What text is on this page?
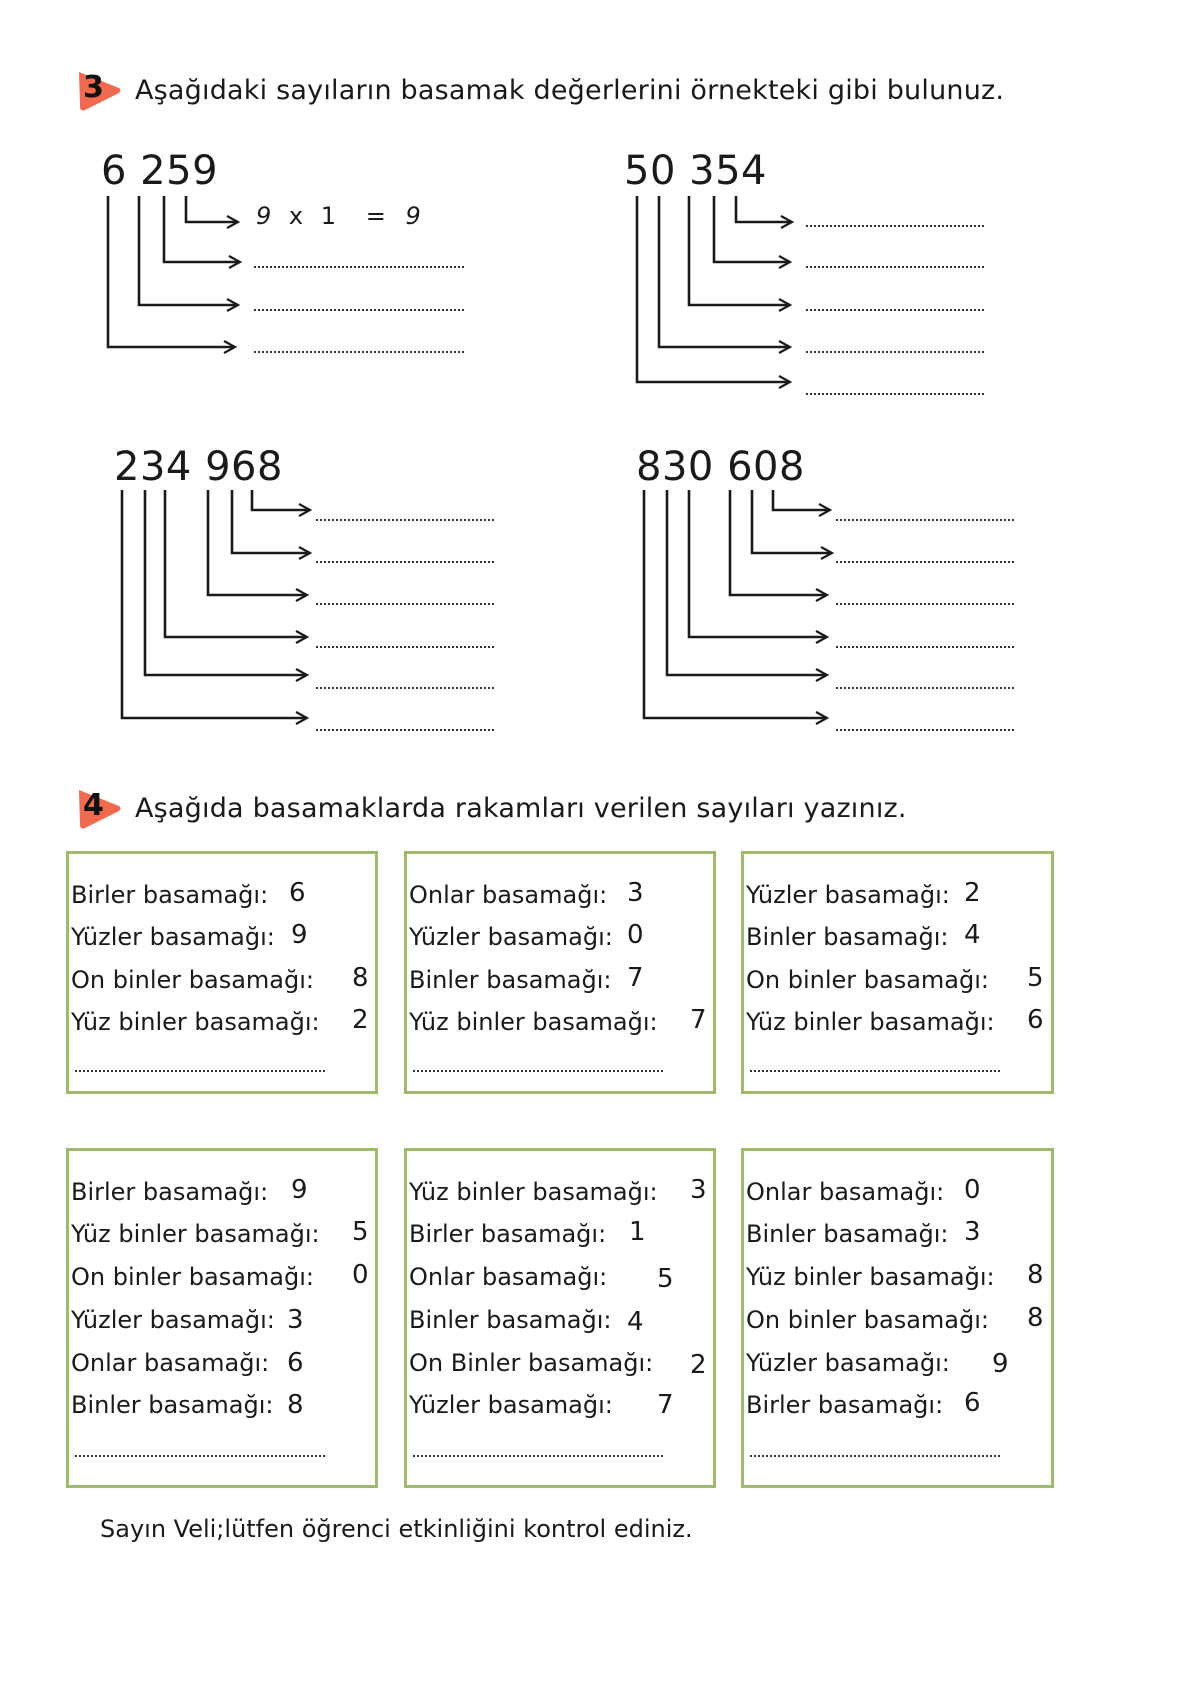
3 Aşağıdaki sayıların basamak değerlerini örnekteki gibi bulunuz.
6 259	50 354
234 968	830 608
9 x 1 = 9
4 Aşağıda basamaklarda rakamları verilen sayıları yazınız.
Birler basamağı: 6
Yüzler basamağı: 9
On binler basamağı: 8
Yüz binler basamağı: 2
Onlar basamağı: 3
Yüzler basamağı: 0
Binler basamağı: 7
Yüz binler basamağı: 7
Yüzler basamağı: 2
Binler basamağı: 4
On binler basamağı: 5
Yüz binler basamağı: 6
Birler basamağı: 9
Yüz binler basamağı: 5
On binler basamağı: 0
Yüzler basamağı: 3
Onlar basamağı: 6
Binler basamağı: 8
Yüz binler basamağı: 3
Birler basamağı: 1
Onlar basamağı: 5
Binler basamağı: 4
On Binler basamağı: 2
Yüzler basamağı: 7
Onlar basamağı: 0
Binler basamağı: 3
Yüz binler basamağı: 8
On binler basamağı: 8
Yüzler basamağı: 9
Birler basamağı: 6
Sayın Veli;lütfen öğrenci etkinliğini kontrol ediniz.
